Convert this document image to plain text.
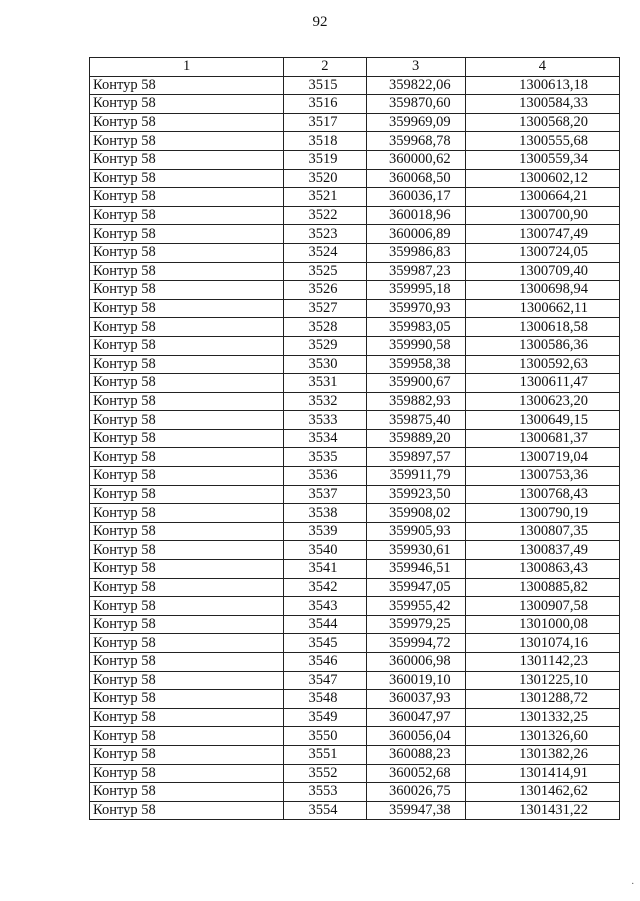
92
1	2	3	4
Контур 58	3515	359822,06	1300613,18
Контур 58	3516	359870,60	1300584,33
Контур 58	3517	359969,09	1300568,20
Контур 58	3518	359968,78	1300555,68
Контур 58	3519	360000,62	1300559,34
Контур 58	3520	360068,50	1300602,12
Контур 58	3521	360036,17	1300664,21
Контур 58	3522	360018,96	1300700,90
Контур 58	3523	360006,89	1300747,49
Контур 58	3524	359986,83	1300724,05
Контур 58	3525	359987,23	1300709,40
Контур 58	3526	359995,18	1300698,94
Контур 58	3527	359970,93	1300662,11
Контур 58	3528	359983,05	1300618,58
Контур 58	3529	359990,58	1300586,36
Контур 58	3530	359958,38	1300592,63
Контур 58	3531	359900,67	1300611,47
Контур 58	3532	359882,93	1300623,20
Контур 58	3533	359875,40	1300649,15
Контур 58	3534	359889,20	1300681,37
Контур 58	3535	359897,57	1300719,04
Контур 58	3536	359911,79	1300753,36
Контур 58	3537	359923,50	1300768,43
Контур 58	3538	359908,02	1300790,19
Контур 58	3539	359905,93	1300807,35
Контур 58	3540	359930,61	1300837,49
Контур 58	3541	359946,51	1300863,43
Контур 58	3542	359947,05	1300885,82
Контур 58	3543	359955,42	1300907,58
Контур 58	3544	359979,25	1301000,08
Контур 58	3545	359994,72	1301074,16
Контур 58	3546	360006,98	1301142,23
Контур 58	3547	360019,10	1301225,10
Контур 58	3548	360037,93	1301288,72
Контур 58	3549	360047,97	1301332,25
Контур 58	3550	360056,04	1301326,60
Контур 58	3551	360088,23	1301382,26
Контур 58	3552	360052,68	1301414,91
Контур 58	3553	360026,75	1301462,62
Контур 58	3554	359947,38	1301431,22
.
